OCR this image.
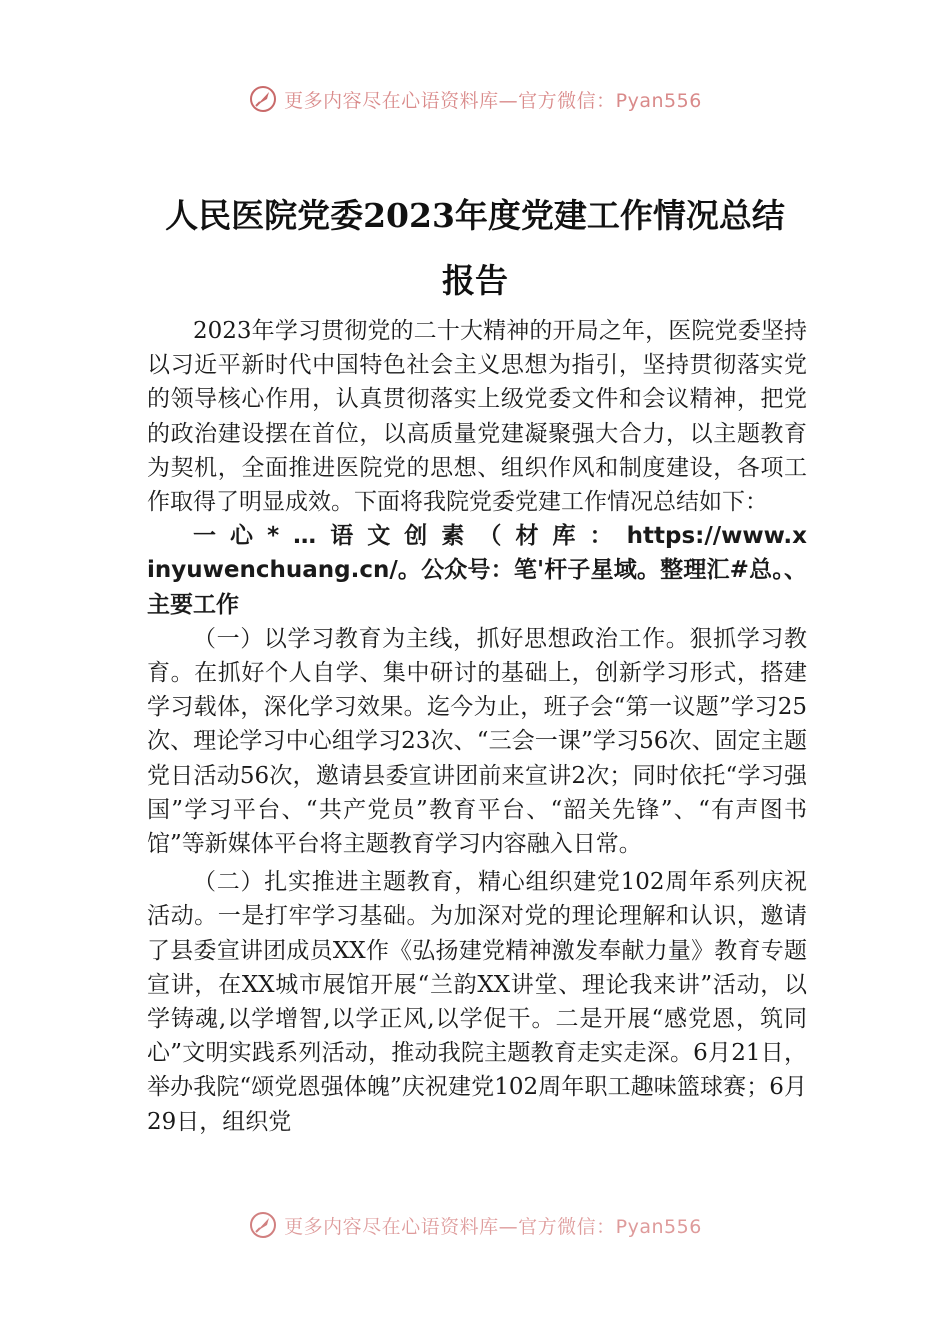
更多内容尽在心语资料库—官方微信：Pyan556
人民医院党委2023年度党建工作情况总结
报告

2023年学习贯彻党的二十大精神的开局之年，医院党委坚持以习近平新时代中国特色社会主义思想为指引，坚持贯彻落实党的领导核心作用，认真贯彻落实上级党委文件和会议精神，把党的政治建设摆在首位，以高质量党建凝聚强大合力，以主题教育为契机，全面推进医院党的思想、组织作风和制度建设，各项工作取得了明显成效。下面将我院党委党建工作情况总结如下：

一心*…语文创素（材库：https://www.xinyuwenchuang.cn/。公众号：笔'杆子星域。整理汇#总。、主要工作

（一）以学习教育为主线，抓好思想政治工作。狠抓学习教育。在抓好个人自学、集中研讨的基础上，创新学习形式，搭建学习载体，深化学习效果。迄今为止，班子会“第一议题”学习25次、理论学习中心组学习23次、“三会一课”学习56次、固定主题党日活动56次，邀请县委宣讲团前来宣讲2次；同时依托“学习强国”学习平台、“共产党员”教育平台、“韶关先锋”、“有声图书馆”等新媒体平台将主题教育学习内容融入日常。

（二）扎实推进主题教育，精心组织建党102周年系列庆祝活动。一是打牢学习基础。为加深对党的理论理解和认识，邀请了县委宣讲团成员XX作《弘扬建党精神激发奉献力量》教育专题宣讲，在XX城市展馆开展“兰韵XX讲堂、理论我来讲”活动，以学铸魂,以学增智,以学正风,以学促干。二是开展“感党恩，筑同心”文明实践系列活动，推动我院主题教育走实走深。6月21日，举办我院“颂党恩强体魄”庆祝建党102周年职工趣味篮球赛；6月29日，组织党

更多内容尽在心语资料库—官方微信：Pyan556
